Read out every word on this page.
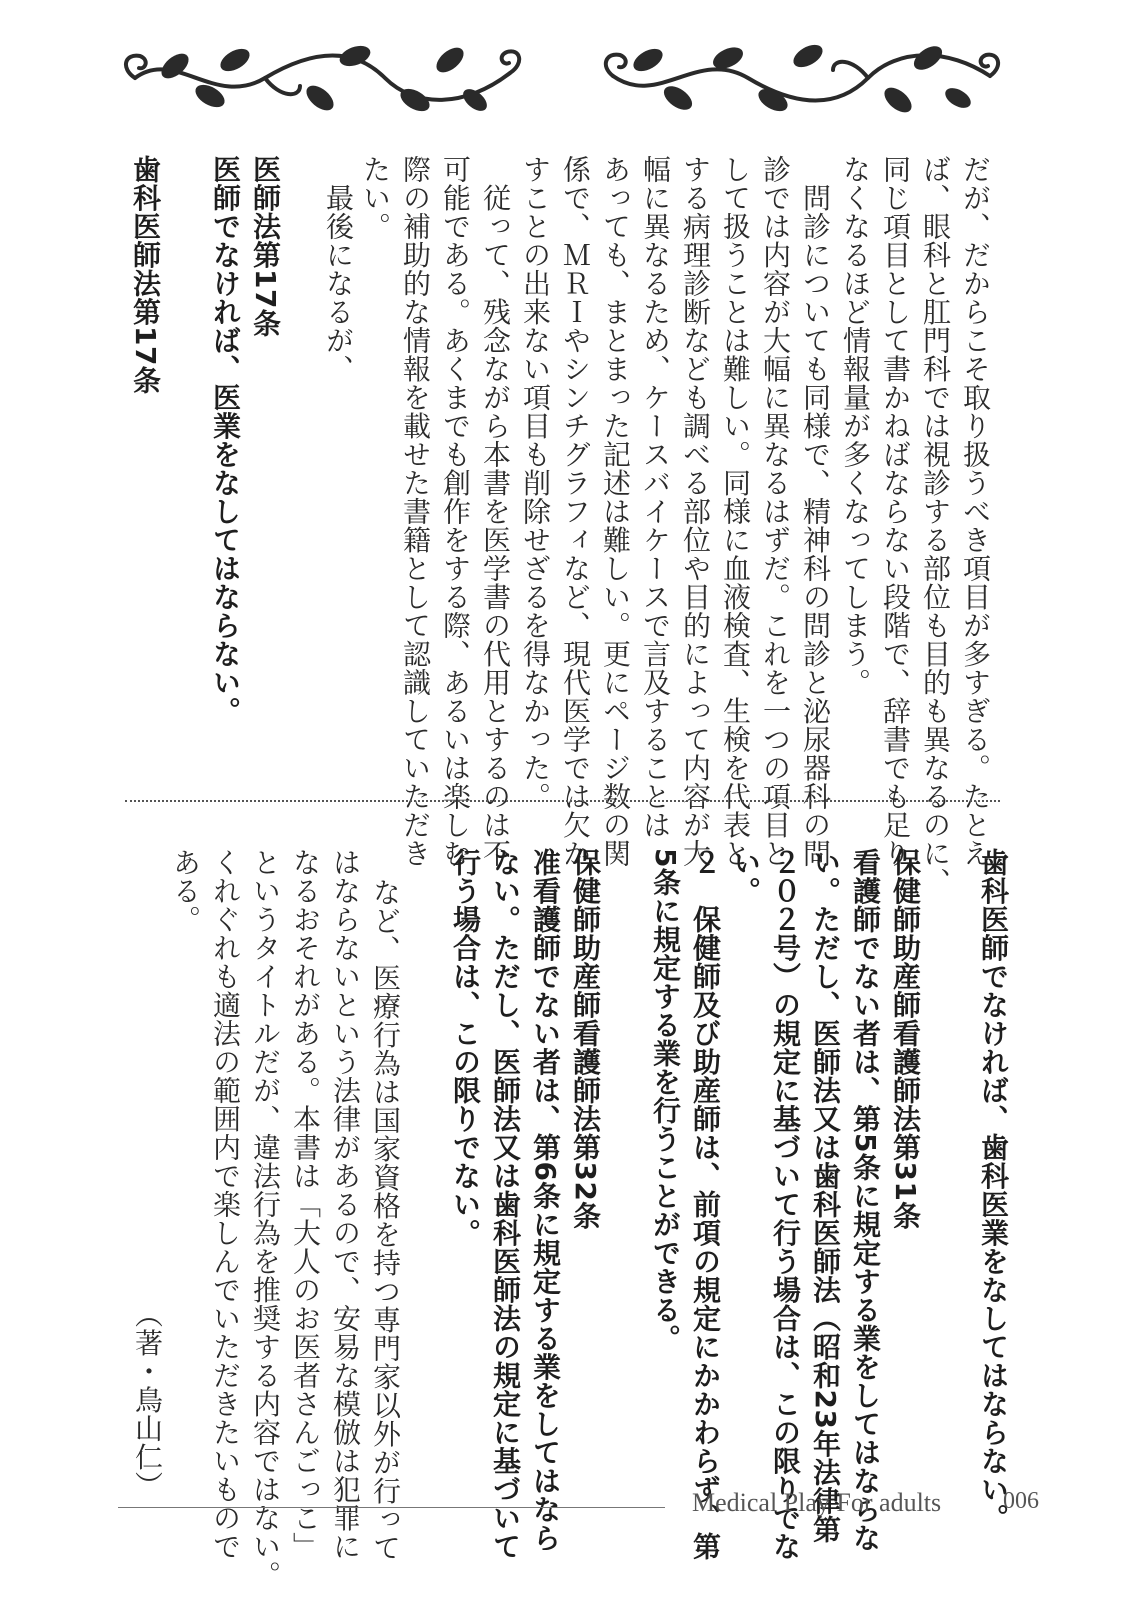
だが、だからこそ取り扱うべき項目が多すぎる。たとえ
ば、眼科と肛門科では視診する部位も目的も異なるのに、
同じ項目として書かねばならない段階で、辞書でも足り
なくなるほど情報量が多くなってしまう。
　問診についても同様で、精神科の問診と泌尿器科の問
診では内容が大幅に異なるはずだ。これを一つの項目と
して扱うことは難しい。同様に血液検査、生検を代表と
する病理診断なども調べる部位や目的によって内容が大
幅に異なるため、ケースバイケースで言及することは
あっても、まとまった記述は難しい。更にページ数の関
係で、ＭＲＩやシンチグラフィなど、現代医学では欠か
すことの出来ない項目も削除せざるを得なかった。
　従って、残念ながら本書を医学書の代用とするのは不
可能である。あくまでも創作をする際、あるいは楽しむ
際の補助的な情報を載せた書籍として認識していただき
たい。
　最後になるが、
医師法第17条
医師でなければ、医業をなしてはならない。
歯科医師法第17条
歯科医師でなければ、歯科医業をなしてはならない。
保健師助産師看護師法第31条
看護師でない者は、第5条に規定する業をしてはならな
い。ただし、医師法又は歯科医師法（昭和23年法律第
２０２号）の規定に基づいて行う場合は、この限りでな
い。
２　保健師及び助産師は、前項の規定にかかわらず、第
5条に規定する業を行うことができる。
保健師助産師看護師法第32条
准看護師でない者は、第6条に規定する業をしてはなら
ない。ただし、医師法又は歯科医師法の規定に基づいて
行う場合は、この限りでない。
など、医療行為は国家資格を持つ専門家以外が行って
はならないという法律があるので、安易な模倣は犯罪に
なるおそれがある。本書は「大人のお医者さんごっこ」
というタイトルだが、違法行為を推奨する内容ではない。
くれぐれも適法の範囲内で楽しんでいただきたいもので
ある。
（著・鳥山仁）
Medical Play For adults	006
